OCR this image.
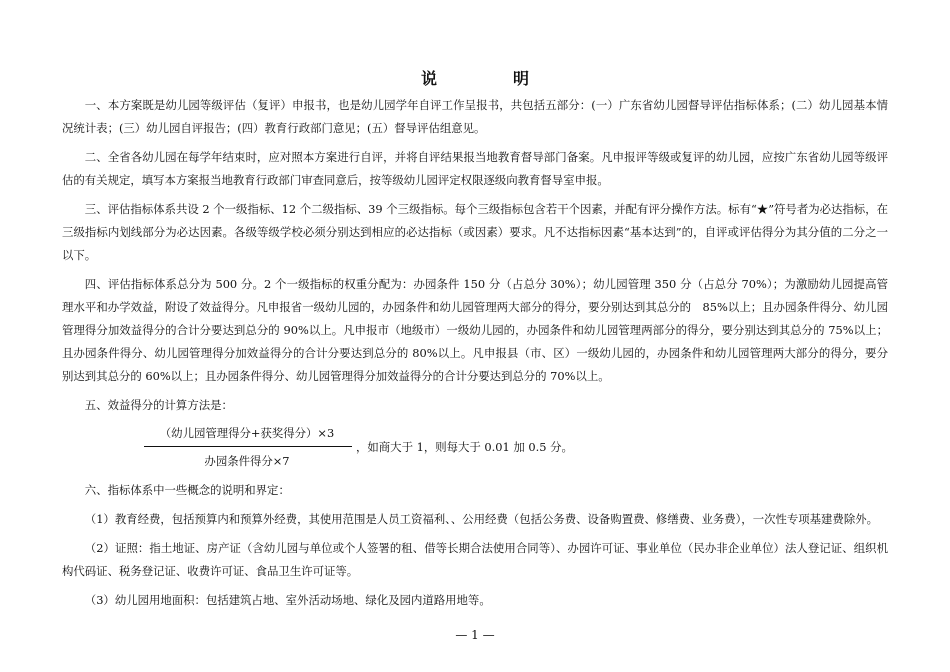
说　明

一、本方案既是幼儿园等级评估（复评）申报书，也是幼儿园学年自评工作呈报书，共包括五部分：(一）广东省幼儿园督导评估指标体系；(二）幼儿园基本情况统计表；(三）幼儿园自评报告；(四）教育行政部门意见；(五）督导评估组意见。

二、全省各幼儿园在每学年结束时，应对照本方案进行自评，并将自评结果报当地教育督导部门备案。凡申报评等级或复评的幼儿园，应按广东省幼儿园等级评估的有关规定，填写本方案报当地教育行政部门审查同意后，按等级幼儿园评定权限逐级向教育督导室申报。

三、评估指标体系共设 2 个一级指标、12 个二级指标、39 个三级指标。每个三级指标包含若干个因素，并配有评分操作方法。标有“★”符号者为必达指标，在三级指标内划线部分为必达因素。各级等级学校必须分别达到相应的必达指标（或因素）要求。凡不达指标因素“基本达到”的，自评或评估得分为其分值的二分之一以下。

四、评估指标体系总分为 500 分。2 个一级指标的权重分配为：办园条件 150 分（占总分 30%）；幼儿园管理 350 分（占总分 70%）；为激励幼儿园提高管理水平和办学效益，附设了效益得分。凡申报省一级幼儿园的，办园条件和幼儿园管理两大部分的得分，要分别达到其总分的　85%以上；且办园条件得分、幼儿园管理得分加效益得分的合计分要达到总分的 90%以上。凡申报市（地级市）一级幼儿园的，办园条件和幼儿园管理两部分的得分，要分别达到其总分的 75%以上；且办园条件得分、幼儿园管理得分加效益得分的合计分要达到总分的 80%以上。凡申报县（市、区）一级幼儿园的，办园条件和幼儿园管理两大部分的得分，要分别达到其总分的 60%以上；且办园条件得分、幼儿园管理得分加效益得分的合计分要达到总分的 70%以上。

五、效益得分的计算方法是：

（幼儿园管理得分+获奖得分）×3
办园条件得分×7
，如商大于 1，则每大于 0.01 加 0.5 分。

六、指标体系中一些概念的说明和界定：

（1）教育经费，包括预算内和预算外经费，其使用范围是人员工资福利、、公用经费（包括公务费、设备购置费、修缮费、业务费），一次性专项基建费除外。

（2）证照：指土地证、房产证（含幼儿园与单位或个人签署的租、借等长期合法使用合同等）、办园许可证、事业单位（民办非企业单位）法人登记证、组织机构代码证、税务登记证、收费许可证、食品卫生许可证等。

（3）幼儿园用地面积：包括建筑占地、室外活动场地、绿化及园内道路用地等。

— 1 —
